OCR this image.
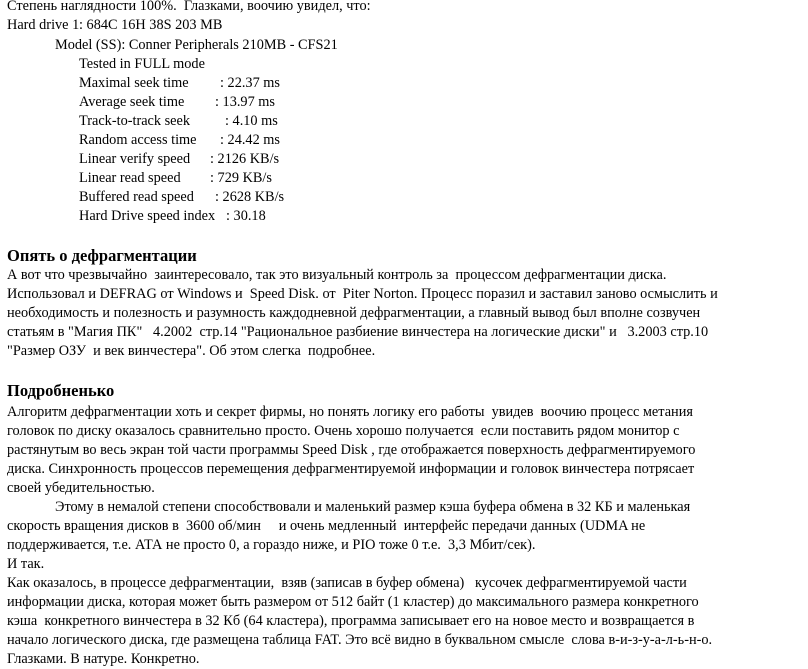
Степень наглядности 100%.  Глазками, воочию увидел, что:

Hard drive 1: 684C 16H 38S 203 MB

Model (SS): Conner Peripherals 210MB - CFS21

Tested in FULL mode

Maximal seek time : 22.37 ms

Average seek time : 13.97 ms

Track-to-track seek : 4.10 ms

Random access time : 24.42 ms

Linear verify speed : 2126 KB/s

Linear read speed : 729 KB/s

Buffered read speed : 2628 KB/s

Hard Drive speed index : 30.18

Опять о дефрагментации

А вот что чрезвычайно  заинтересовало, так это визуальный контроль за  процессом дефрагментации диска.

Использовал и DEFRAG от Windows и  Speed Disk. от  Piter Norton. Процесс поразил и заставил заново осмыслить и

необходимость и полезность и разумность каждодневной дефрагментации, а главный вывод был вполне созвучен

статьям в "Магия ПК"   4.2002  стр.14 "Рациональное разбиение винчестера на логические диски" и   3.2003 стр.10

"Размер ОЗУ  и век винчестера". Об этом слегка  подробнее.

Подробненько

Алгоритм дефрагментации хоть и секрет фирмы, но понять логику его работы  увидев  воочию процесс метания

головок по диску оказалось сравнительно просто. Очень хорошо получается  если поставить рядом монитор с

растянутым во весь экран той части программы Speed Disk , где отображается поверхность дефрагментируемого

диска. Синхронность процессов перемещения дефрагментируемой информации и головок винчестера потрясает

своей убедительностью.

Этому в немалой степени способствовали и маленький размер кэша буфера обмена в 32 КБ и маленькая

скорость вращения дисков в  3600 об/мин     и очень медленный  интерфейс передачи данных (UDMA не

поддерживается, т.е. АТА не просто 0, а гораздо ниже, и PIO тоже 0 т.е.  3,3 Мбит/сек).

И так.

Как оказалось, в процессе дефрагментации,  взяв (записав в буфер обмена)   кусочек дефрагментируемой части

информации диска, которая может быть размером от 512 байт (1 кластер) до максимального размера конкретного

кэша  конкретного винчестера в 32 Кб (64 кластера), программа записывает его на новое место и возвращается в

начало логического диска, где размещена таблица FAT. Это всё видно в буквальном смысле  слова в-и-з-у-а-л-ь-н-о.

Глазками. В натуре. Конкретно.
